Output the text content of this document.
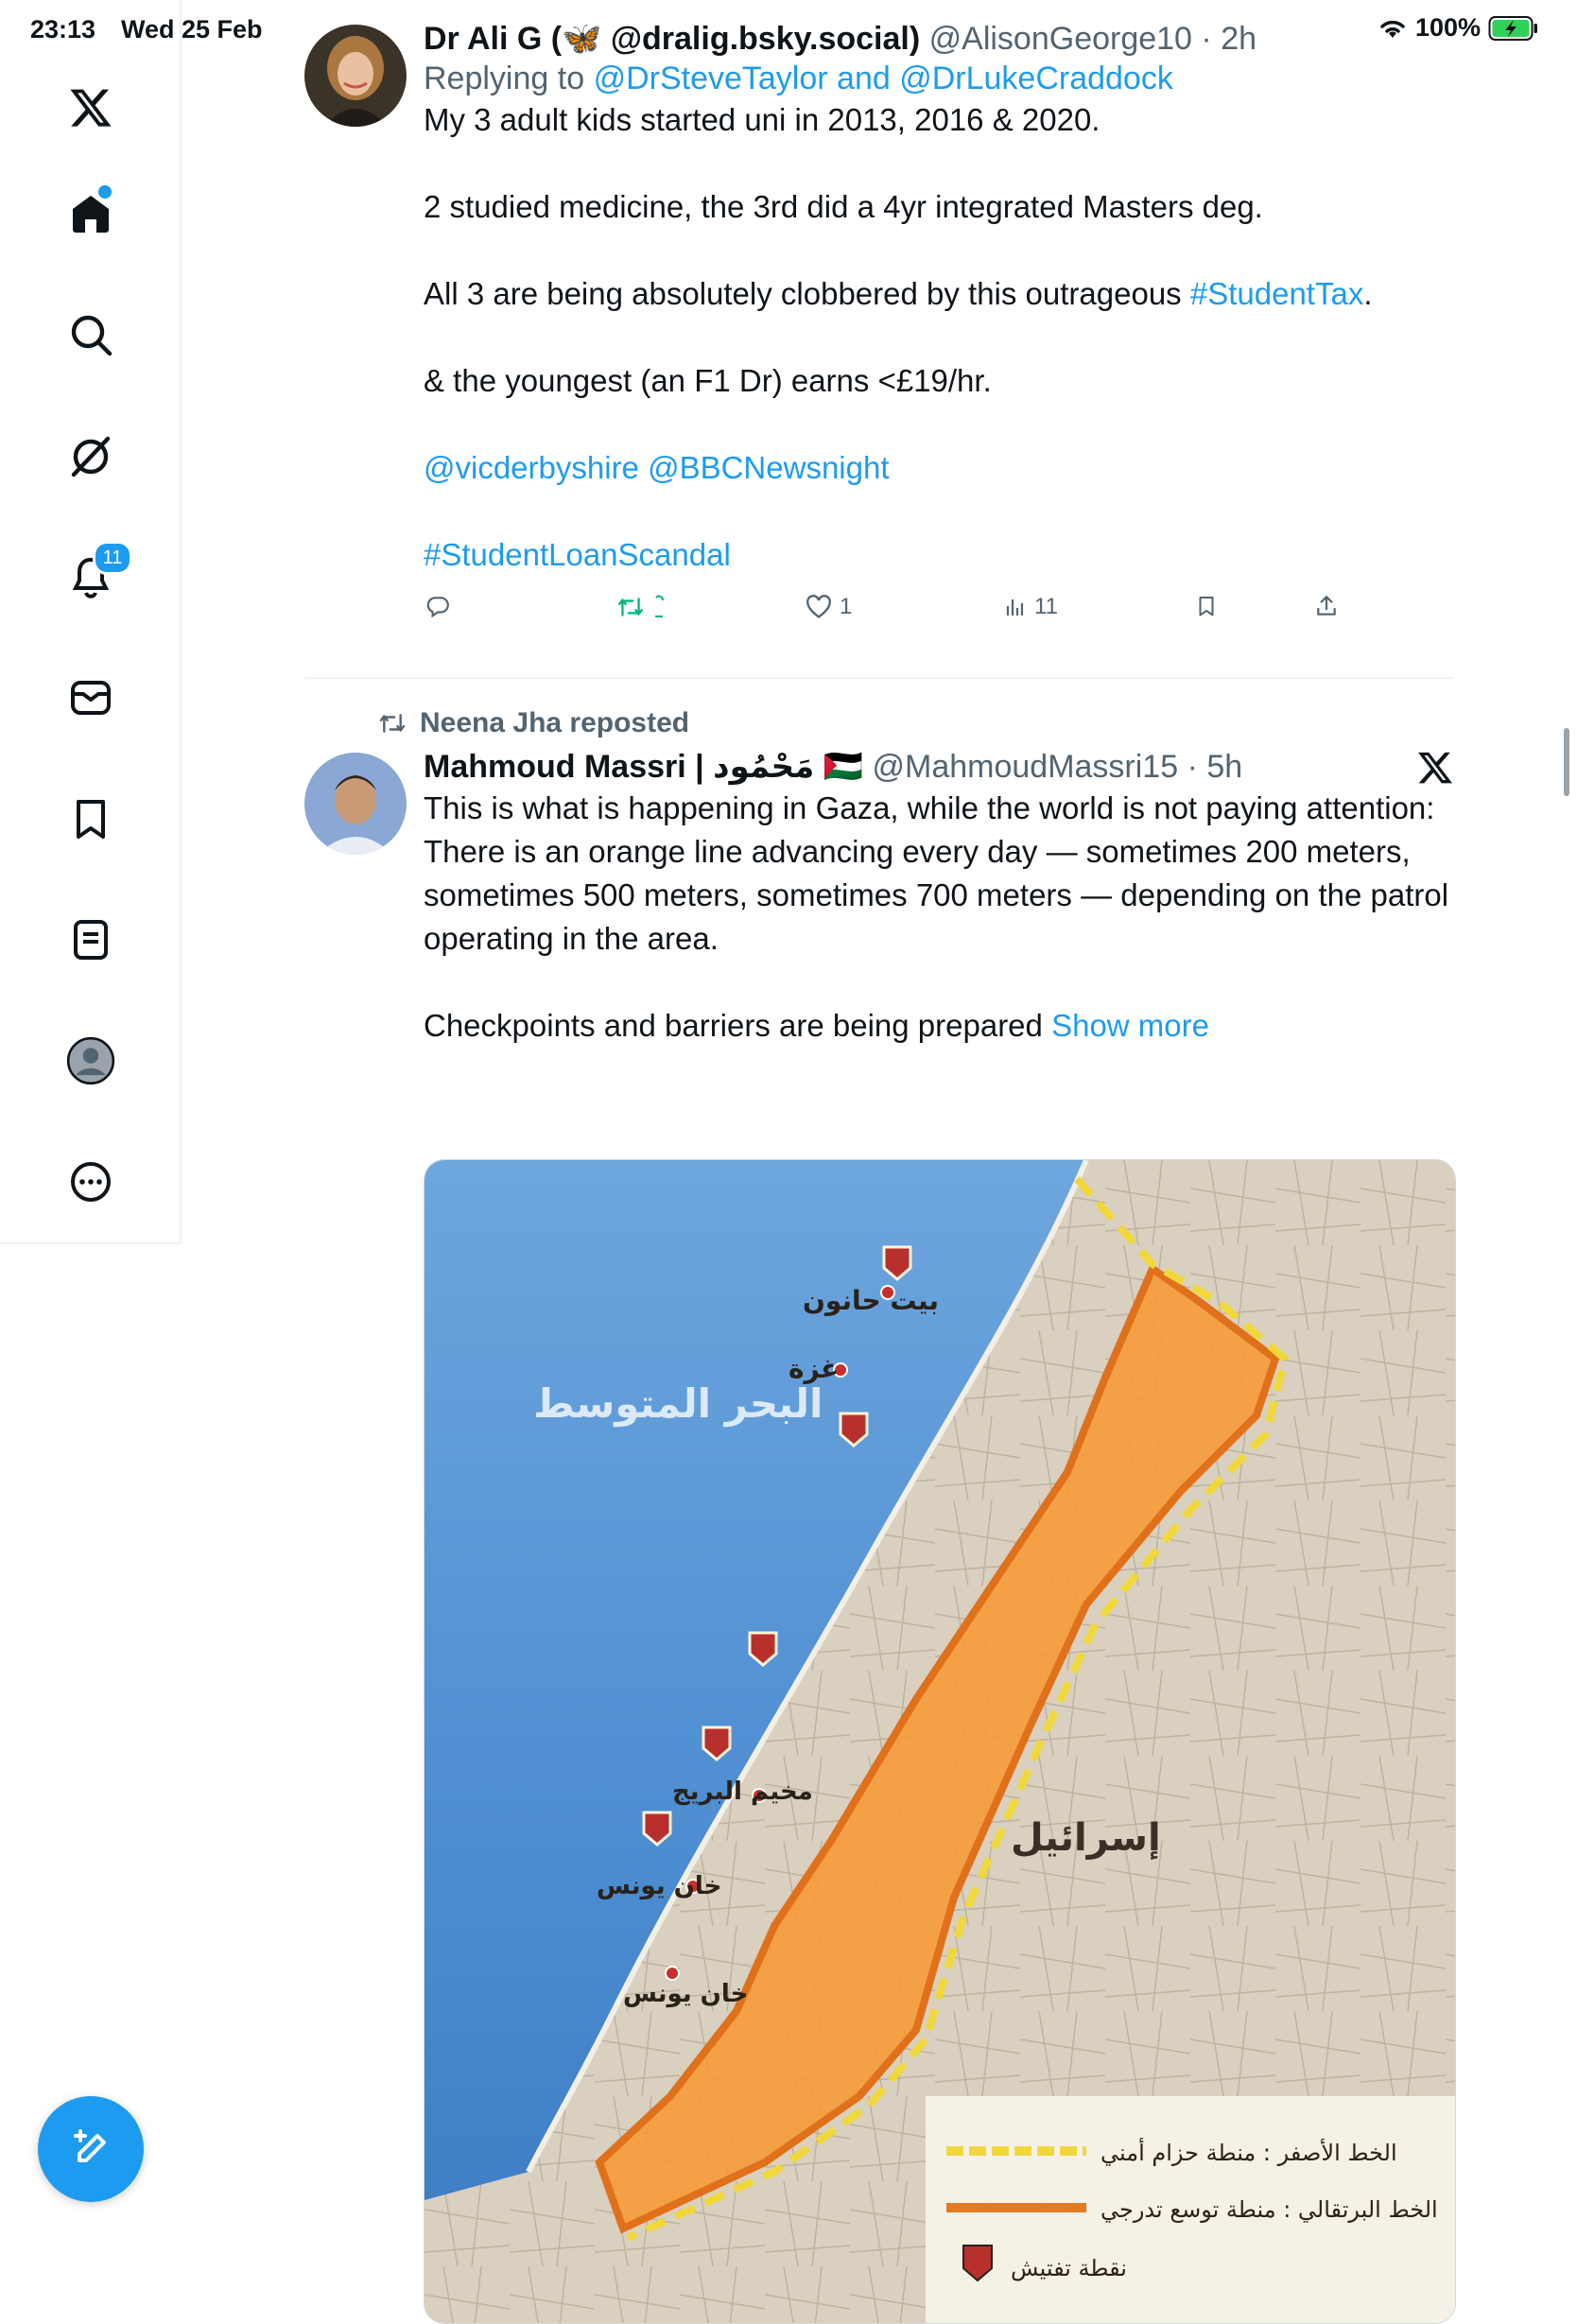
23:13 Wed 25 Feb	100%
11
Dr Ali G (🦋 @dralig.bsky.social) @AlisonGeorge10 · 2h
Replying to @DrSteveTaylor and @DrLukeCraddock

My 3 adult kids started uni in 2013, 2016 & 2020.

2 studied medicine, the 3rd did a 4yr integrated Masters deg.

All 3 are being absolutely clobbered by this outrageous #StudentTax.

& the youngest (an F1 Dr) earns <£19/hr.

@vicderbyshire @BBCNewsnight

#StudentLoanScandal

1	11
Neena Jha reposted
Mahmoud Massri | مَحْمُود 🇵🇸 @MahmoudMassri15 · 5h

This is what is happening in Gaza, while the world is not paying attention:

There is an orange line advancing every day — sometimes 200 meters, sometimes 500 meters, sometimes 700 meters — depending on the patrol operating in the area.

Checkpoints and barriers are being prepared Show more

البحر المتوسط
إسرائيل
بيت حانون
غزة
مخيم البريج
خان يونس
خان يونس
الخط الأصفر : منطة حزام أمني
الخط البرتقالي : منطة توسع تدرجي
نقطة تفتيش
